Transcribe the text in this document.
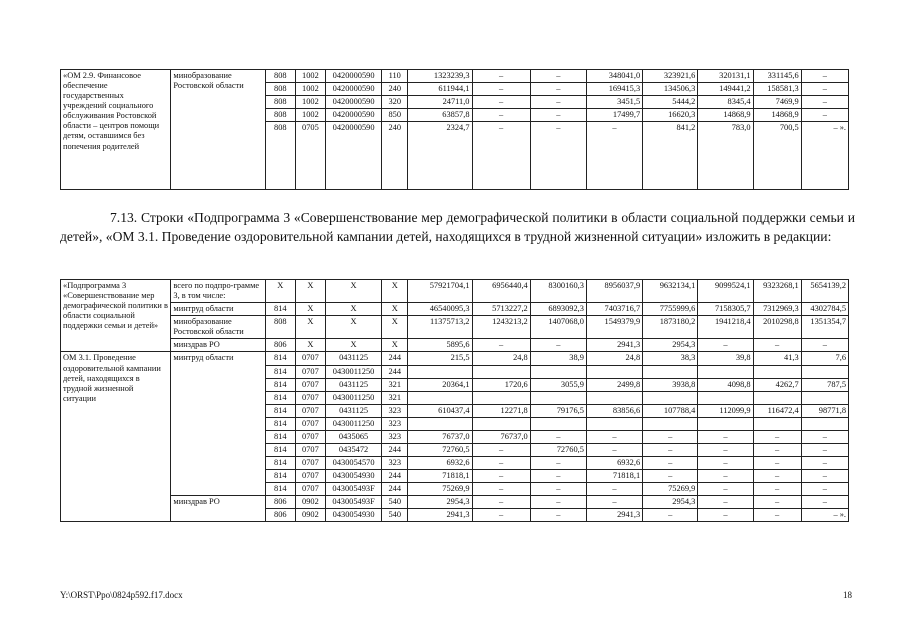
«ОМ 2.9. Финансовое обеспечение государственных учреждений социального обслуживания Ростовской области – центров помощи детям, оставшимся без попечения родителей	минобразование Ростовской области	808	1002	0420000590	110	1323239,3	–	–	348041,0	323921,6	320131,1	331145,6	–
		808	1002	0420000590	240	611944,1	–	–	169415,3	134506,3	149441,2	158581,3	–
		808	1002	0420000590	320	24711,0	–	–	3451,5	5444,2	8345,4	7469,9	–
		808	1002	0420000590	850	63857,8	–	–	17499,7	16620,3	14868,9	14868,9	–
		808	0705	0420000590	240	2324,7	–	–	–	841,2	783,0	700,5	– ».
7.13. Строки «Подпрограмма 3 «Совершенствование мер демографической политики в области социальной поддержки семьи и детей», «ОМ 3.1. Проведение оздоровительной кампании детей, находящихся в трудной жизненной ситуации» изложить в редакции:
«Подпрограмма 3 «Совершенствование мер демографической политики в области социальной поддержки семьи и детей»	всего по подпро-грамме 3, в том числе:	X	X	X	X	57921704,1	6956440,4	8300160,3	8956037,9	9632134,1	9099524,1	9323268,1	5654139,2
	минтруд области	814	X	X	X	46540095,3	5713227,2	6893092,3	7403716,7	7755999,6	7158305,7	7312969,3	4302784,5
	минобразование Ростовской области	808	X	X	X	11375713,2	1243213,2	1407068,0	1549379,9	1873180,2	1941218,4	2010298,8	1351354,7
	минздрав РО	806	X	X	X	5895,6	–	–	2941,3	2954,3	–	–	–
ОМ 3.1. Проведение оздоровительной кампании детей, находящихся в трудной жизненной ситуации	минтруд области	814	0707	0431125	244	215,5	24,8	38,9	24,8	38,3	39,8	41,3	7,6
		814	0707	0430011250	244								
		814	0707	0431125	321	20364,1	1720,6	3055,9	2499,8	3938,8	4098,8	4262,7	787,5
		814	0707	0430011250	321								
		814	0707	0431125	323	610437,4	12271,8	79176,5	83856,6	107788,4	112099,9	116472,4	98771,8
		814	0707	0430011250	323								
		814	0707	0435065	323	76737,0	76737,0	–	–	–	–	–	–
		814	0707	0435472	244	72760,5	–	72760,5	–	–	–	–	–
		814	0707	0430054570	323	6932,6	–	–	6932,6	–	–	–	–
		814	0707	0430054930	244	71818,1	–	–	71818,1	–	–	–	–
		814	0707	043005493F	244	75269,9	–	–	–	75269,9	–	–	–
	минздрав РО	806	0902	043005493F	540	2954,3	–	–	–	2954,3	–	–	–
		806	0902	0430054930	540	2941,3	–	–	2941,3	–	–	–	– ».
Y:\ORST\Ppo\0824p592.f17.docx	18
